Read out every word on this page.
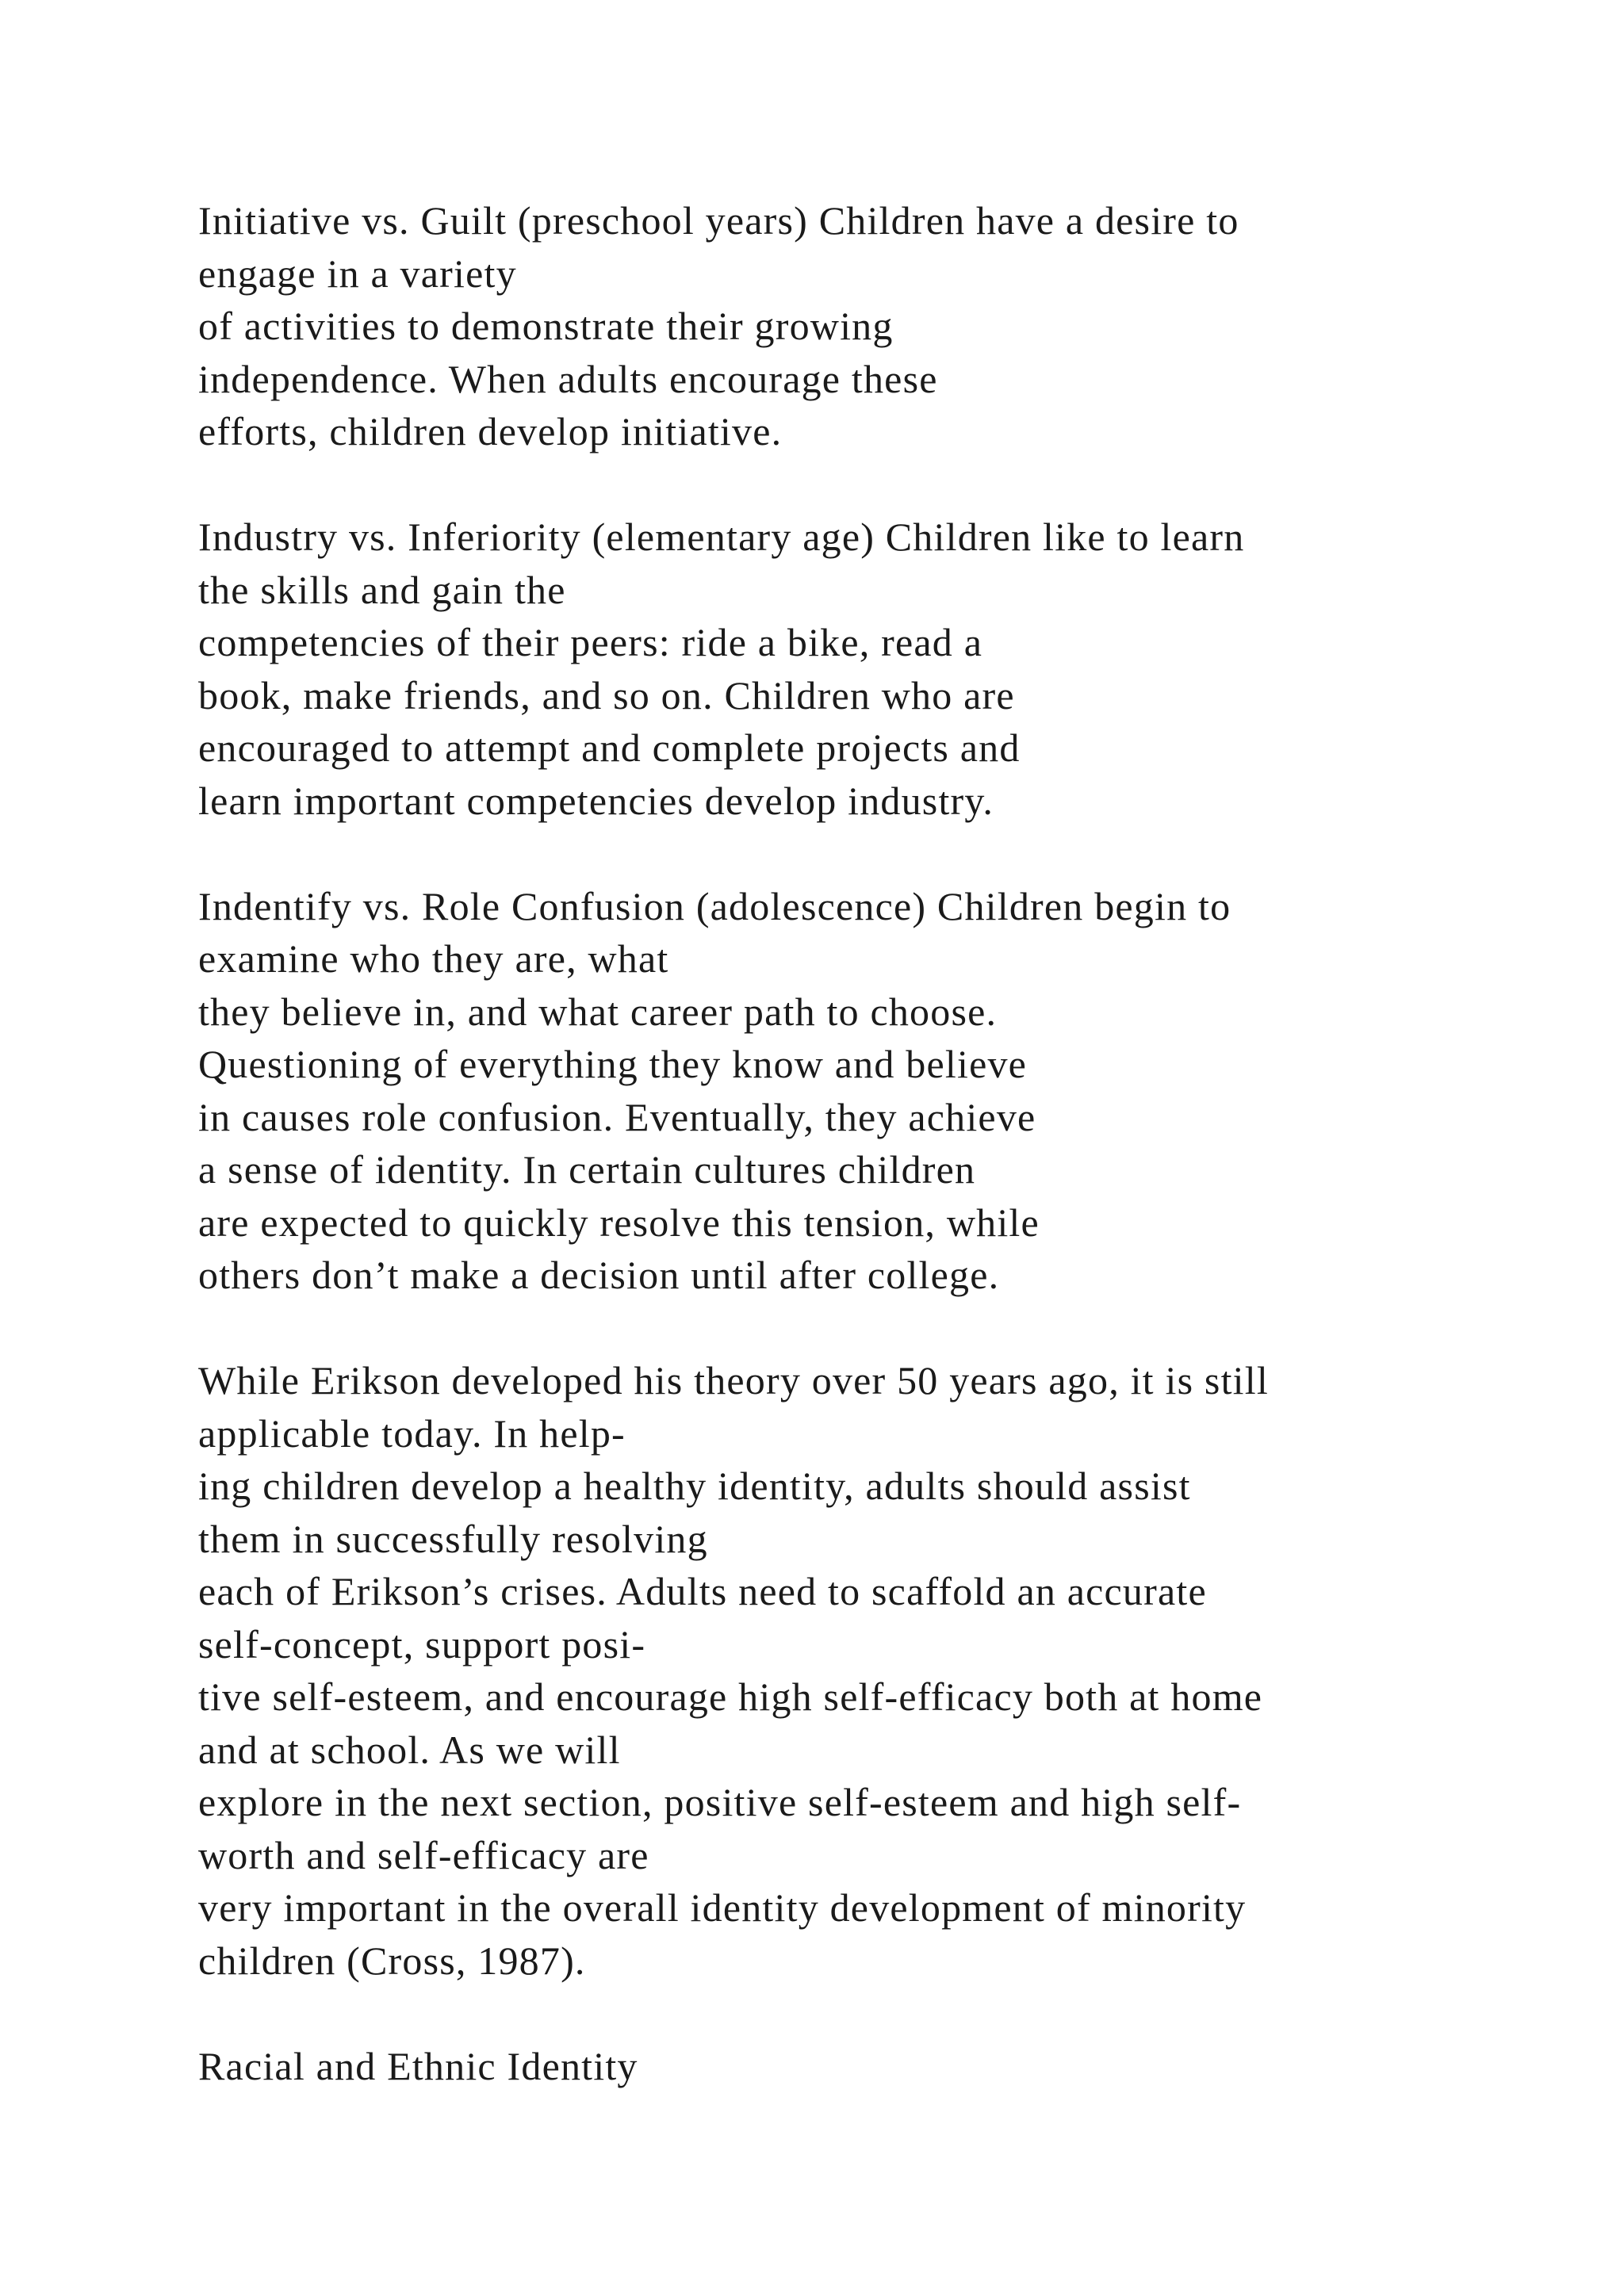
Initiative vs. Guilt (preschool years) Children have a desire to
engage in a variety
of activities to demonstrate their growing
independence. When adults encourage these
efforts, children develop initiative.

Industry vs. Inferiority (elementary age) Children like to learn
the skills and gain the
competencies of their peers: ride a bike, read a
book, make friends, and so on. Children who are
encouraged to attempt and complete projects and
learn important competencies develop industry.

Indentify vs. Role Confusion (adolescence) Children begin to
examine who they are, what
they believe in, and what career path to choose.
Questioning of everything they know and believe
in causes role confusion. Eventually, they achieve
a sense of identity. In certain cultures children
are expected to quickly resolve this tension, while
others don’t make a decision until after college.

While Erikson developed his theory over 50 years ago, it is still
applicable today. In help-
ing children develop a healthy identity, adults should assist
them in successfully resolving
each of Erikson’s crises. Adults need to scaffold an accurate
self-concept, support posi-
tive self-esteem, and encourage high self-efficacy both at home
and at school. As we will
explore in the next section, positive self-esteem and high self-
worth and self-efficacy are
very important in the overall identity development of minority
children (Cross, 1987).

Racial and Ethnic Identity
